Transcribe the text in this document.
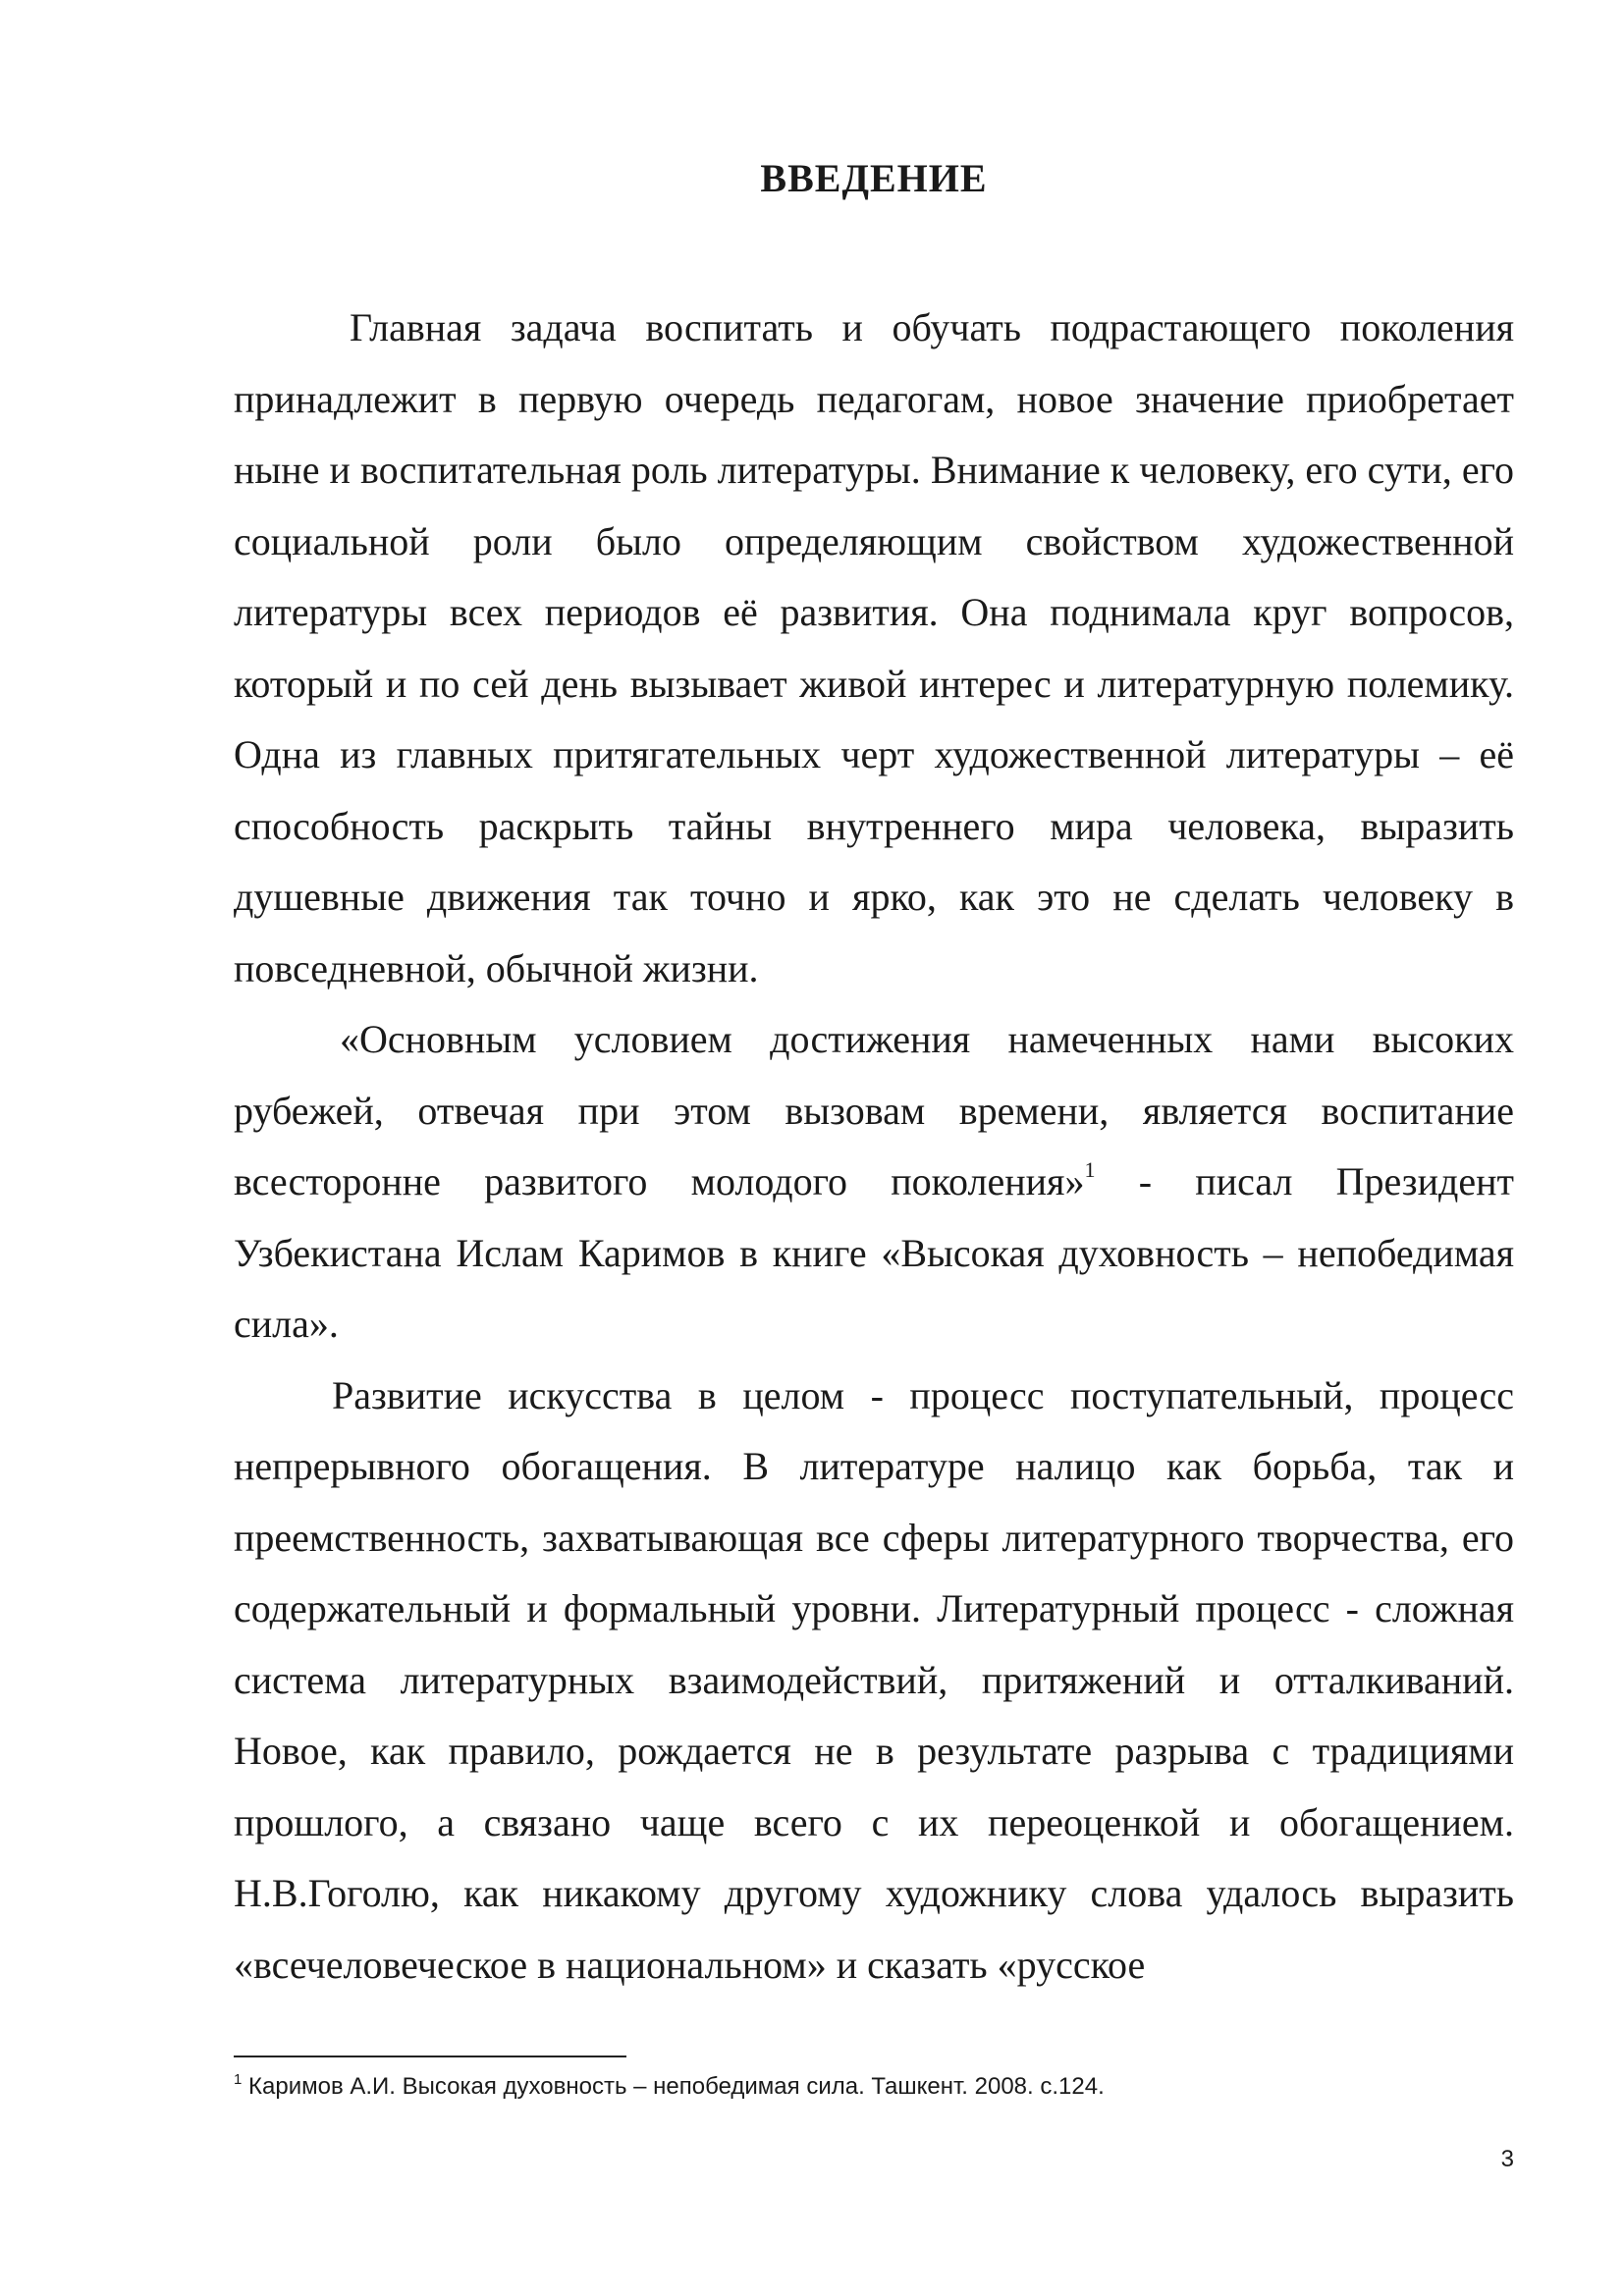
ВВЕДЕНИЕ

Главная задача воспитать и обучать подрастающего поколения принадлежит в первую очередь педагогам, новое значение приобретает ныне и воспитательная роль литературы. Внимание к человеку, его сути, его социальной роли было определяющим свойством художественной литературы всех периодов её развития. Она поднимала круг вопросов, который и по сей день вызывает живой интерес и литературную полемику. Одна из главных притягательных черт художественной литературы – её способность раскрыть тайны внутреннего мира человека, выразить душевные движения так точно и ярко, как это не сделать человеку в повседневной, обычной жизни.

«Основным условием достижения намеченных нами высоких рубежей, отвечая при этом вызовам времени, является воспитание всесторонне развитого молодого поколения»$^1$ - писал Президент Узбекистана Ислам Каримов в книге «Высокая духовность – непобедимая сила».

Развитие искусства в целом - процесс поступательный, процесс непрерывного обогащения. В литературе налицо как борьба, так и преемственность, захватывающая все сферы литературного творчества, его содержательный и формальный уровни. Литературный процесс - сложная система литературных взаимодействий, притяжений и отталкиваний. Новое, как правило, рождается не в результате разрыва с традициями прошлого, а связано чаще всего с их переоценкой и обогащением. Н.В.Гоголю, как никакому другому художнику слова удалось выразить «всечеловеческое в национальном» и сказать «русское

$^1$ Каримов А.И. Высокая духовность – непобедимая сила. Ташкент. 2008. с.124.
3
